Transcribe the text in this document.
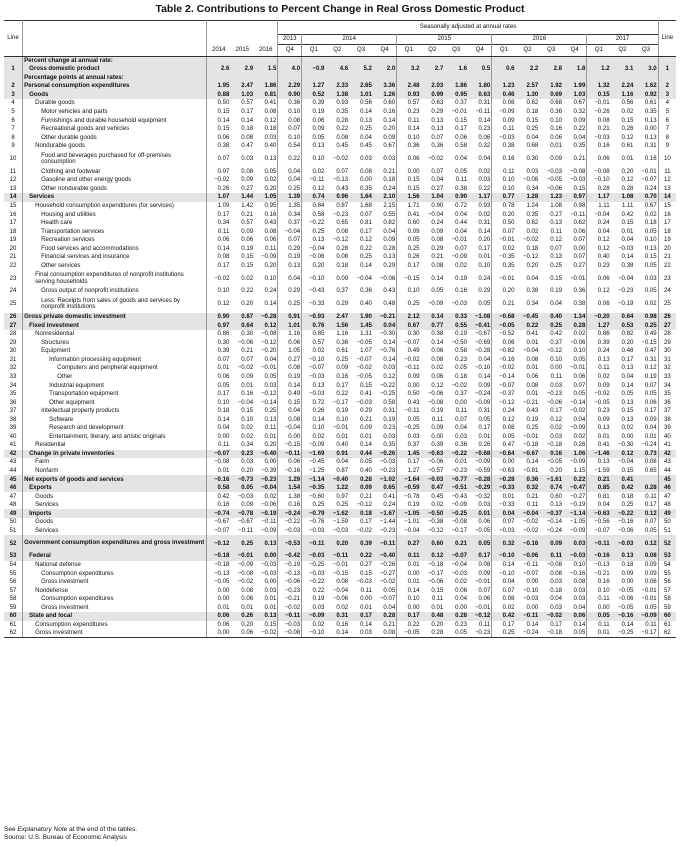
Table 2. Contributions to Percent Change in Real Gross Domestic Product
Line					Seasonally adjusted at annual rates																Line
					2013	2014				2015				2016				2017			
		2014	2015	2016	Q4	Q1	Q2	Q3	Q4	Q1	Q2	Q3	Q4	Q1	Q2	Q3	Q4	Q1	Q2	Q3	
	Percent change at annual rate:																				
1	Gross domestic product	2.6	2.9	1.5	4.0	−0.9	4.6	5.2	2.0	3.2	2.7	1.6	0.5	0.6	2.2	2.8	1.8	1.2	3.1	3.0	1
	Percentage points at annual rates:																				
2	Personal consumption expenditures	1.95	2.47	1.86	2.29	1.27	2.33	2.65	3.36	2.48	2.03	1.86	1.80	1.23	2.57	1.92	1.99	1.32	2.24	1.62	2
3	Goods	0.88	1.03	0.81	0.90	0.52	1.38	1.01	1.26	0.93	0.99	0.95	0.63	0.46	1.30	0.69	1.03	0.15	1.16	0.92	3
4	Durable goods	0.50	0.57	0.41	0.36	0.39	0.93	0.56	0.60	0.57	0.63	0.37	0.31	0.08	0.62	0.68	0.67	−0.01	0.56	0.61	4
5	Motor vehicles and parts	0.15	0.17	0.08	0.10	0.19	0.35	0.14	0.16	0.23	0.29	−0.01	−0.11	−0.09	0.18	0.36	0.32	−0.26	0.02	0.35	5
6	Furnishings and durable household equipment	0.14	0.14	0.12	0.08	0.06	0.28	0.13	0.14	0.11	0.13	0.15	0.14	0.09	0.15	0.10	0.09	0.08	0.15	0.13	6
7	Recreational goods and vehicles	0.15	0.18	0.18	0.07	0.09	0.22	0.25	0.20	0.14	0.13	0.17	0.23	0.11	0.25	0.16	0.22	0.21	0.26	0.00	7
8	Other durable goods	0.06	0.08	0.03	0.10	0.05	0.08	0.04	0.09	0.10	0.07	0.06	0.06	−0.03	0.04	0.06	0.04	−0.03	0.12	0.13	8
9	Nondurable goods	0.38	0.47	0.40	0.54	0.13	0.45	0.45	0.67	0.36	0.36	0.58	0.32	0.38	0.68	0.01	0.35	0.16	0.61	0.31	9
10	Food and beverages purchased for off-premises consumption	0.07	0.03	0.13	0.22	0.10	−0.02	0.03	0.03	0.06	−0.02	0.04	0.04	0.16	0.30	0.09	0.21	0.06	0.01	0.16	10
11	Clothing and footwear	0.07	0.08	0.05	0.04	0.02	0.07	0.08	0.21	0.00	0.07	0.05	0.02	0.11	0.03	−0.03	−0.08	−0.08	0.20	−0.01	11
12	Gasoline and other energy goods	−0.02	0.09	0.02	0.04	−0.11	−0.13	0.00	0.18	0.15	0.04	0.11	0.03	0.10	−0.08	−0.05	−0.03	−0.10	0.12	−0.07	12
13	Other nondurable goods	0.26	0.27	0.20	0.25	0.12	0.43	0.35	0.24	0.15	0.27	0.38	0.22	0.10	0.34	−0.06	0.15	0.28	0.28	0.24	13
14	Services	1.07	1.44	1.05	1.39	0.74	0.96	1.64	2.10	1.56	1.04	0.90	1.17	0.77	1.28	1.23	0.97	1.17	1.08	0.70	14
15	Household consumption expenditures (for services)	1.09	1.42	0.95	1.35	0.84	0.87	1.68	2.15	1.71	0.90	0.72	0.93	0.78	1.24	1.08	0.98	1.11	1.11	0.67	15
16	Housing and utilities	0.17	0.21	0.16	0.34	0.58	−0.23	0.07	0.55	0.41	−0.04	0.04	0.02	0.20	0.35	0.27	−0.11	−0.04	0.42	0.02	16
17	Health care	0.34	0.57	0.43	0.37	−0.22	0.65	0.81	0.82	0.60	0.24	0.44	0.31	0.50	0.62	0.13	0.62	0.24	0.15	0.18	17
18	Transportation services	0.11	0.09	0.08	−0.04	0.25	0.08	0.17	0.04	0.09	0.09	0.04	0.14	0.07	0.02	0.11	0.06	0.04	0.01	0.05	18
19	Recreation services	0.06	0.06	0.06	0.07	0.13	−0.12	0.12	0.09	0.05	0.08	−0.01	0.20	−0.01	−0.02	0.12	0.07	0.12	0.04	0.10	19
20	Food services and accommodations	0.14	0.19	0.11	0.29	−0.04	0.28	0.22	0.28	0.25	0.29	0.07	0.17	0.02	0.18	0.07	0.00	0.12	−0.03	0.13	20
21	Financial services and insurance	0.08	0.15	−0.09	0.19	−0.06	0.08	0.25	0.13	0.26	0.21	−0.09	0.01	−0.35	−0.12	0.13	0.07	0.40	0.14	0.15	21
22	Other services	0.17	0.15	0.20	0.13	0.20	0.18	0.14	0.29	0.17	0.08	0.02	0.10	0.35	0.20	0.25	0.27	0.23	0.38	0.05	22
23	Final consumption expenditures of nonprofit institutions serving households	−0.02	0.02	0.10	0.04	−0.10	0.09	−0.04	−0.06	−0.15	0.14	0.19	0.24	−0.01	0.04	0.15	−0.01	0.06	−0.04	0.03	23
24	Gross output of nonprofit institutions	0.10	0.22	0.24	0.29	−0.43	0.37	0.36	0.43	0.10	0.05	0.16	0.29	0.20	0.38	0.19	0.36	0.12	−0.23	0.05	24
25	Less: Receipts from sales of goods and services by nonprofit institutions	0.12	0.20	0.14	0.25	−0.33	0.29	0.40	0.48	0.25	−0.09	−0.03	0.05	0.21	0.34	0.04	0.38	0.06	−0.19	0.02	25
26	Gross private domestic investment	0.90	0.87	−0.28	0.91	−0.93	2.47	1.90	−0.21	2.12	0.14	0.33	−1.08	−0.68	−0.45	0.40	1.34	−0.20	0.64	0.98	26
27	Fixed investment	0.97	0.64	0.12	1.01	0.76	1.56	1.45	0.04	0.67	0.77	0.55	−0.41	−0.05	0.22	0.25	0.28	1.27	0.53	0.25	27
28	Nonresidential	0.86	0.30	−0.08	1.16	0.85	1.16	1.31	−0.30	0.30	0.38	0.19	−0.67	−0.52	0.41	0.42	0.02	0.86	0.82	0.49	28
29	Structures	0.30	−0.06	−0.12	0.06	0.57	0.36	−0.05	0.14	−0.07	0.14	−0.50	−0.69	0.06	0.01	0.37	−0.06	0.39	0.20	−0.15	29
30	Equipment	0.39	0.21	−0.20	1.05	0.02	0.61	1.07	−0.76	0.49	0.06	0.58	−0.28	−0.82	−0.04	−0.12	0.10	0.24	0.48	0.47	30
31	Information processing equipment	0.07	0.07	0.04	0.27	−0.10	0.25	−0.07	0.14	−0.02	0.08	0.23	0.04	−0.16	0.08	0.10	0.05	0.13	0.17	0.31	31
32	Computers and peripheral equipment	0.01	−0.02	−0.01	0.08	−0.07	0.09	−0.02	0.03	−0.11	0.02	0.05	−0.10	−0.02	0.01	0.00	−0.01	0.11	0.13	0.12	32
33	Other	0.06	0.09	0.05	0.19	−0.03	0.16	−0.05	0.12	0.09	0.06	0.18	0.14	−0.14	0.06	0.11	0.06	0.02	0.04	0.19	33
34	Industrial equipment	0.05	0.01	0.03	0.14	0.13	0.17	0.15	−0.22	0.00	0.12	−0.02	0.09	−0.07	0.08	0.03	0.07	0.09	0.14	0.07	34
35	Transportation equipment	0.17	0.16	−0.12	0.49	−0.03	0.22	0.41	−0.25	0.50	−0.06	0.37	−0.24	−0.37	0.01	−0.23	0.05	−0.02	0.05	0.05	35
36	Other equipment	0.10	−0.04	−0.14	0.15	0.72	−0.17	−0.03	0.58	0.43	−0.08	0.00	−0.09	−0.12	−0.21	−0.06	−0.14	−0.05	0.13	0.06	36
37	Intellectual property products	0.18	0.15	0.25	0.04	0.26	0.19	0.29	0.31	−0.11	0.19	0.11	0.31	0.24	0.43	0.17	−0.02	0.23	0.15	0.17	37
38	Software	0.14	0.10	0.13	0.08	0.14	0.10	0.21	0.19	0.05	0.11	0.07	0.05	0.12	0.19	0.12	0.04	0.09	0.13	0.09	38
39	Research and development	0.04	0.02	0.11	−0.04	0.10	−0.01	0.09	0.23	−0.25	0.09	0.04	0.17	0.08	0.25	0.02	−0.09	0.13	0.02	0.04	39
40	Entertainment, literary, and artistic originals	0.00	0.02	0.01	0.00	0.02	0.01	0.01	0.03	0.03	0.00	0.03	0.01	0.05	−0.01	0.03	0.02	0.01	0.00	0.01	40
41	Residential	0.11	0.34	0.20	−0.15	−0.09	0.40	0.14	0.35	0.37	0.39	0.36	0.26	0.47	−0.18	−0.18	0.26	0.41	−0.30	−0.24	41
42	Change in private inventories	−0.07	0.23	−0.40	−0.11	−1.69	0.91	0.44	−0.26	1.45	−0.63	−0.22	−0.68	−0.64	−0.67	0.16	1.06	−1.46	0.12	0.73	42
43	Farm	−0.08	0.03	0.00	0.06	−0.45	0.04	0.05	−0.03	0.17	−0.06	0.01	−0.09	0.00	0.14	−0.05	−0.09	0.13	−0.04	0.08	43
44	Nonfarm	0.01	0.20	−0.39	−0.16	−1.25	0.87	0.40	−0.23	1.27	−0.57	−0.23	−0.59	−0.63	−0.81	0.20	1.15	−1.59	0.15	0.65	44
45	Net exports of goods and services	−0.16	−0.73	−0.23	1.29	−1.14	−0.40	0.28	−1.02	−1.64	−0.03	−0.77	−0.28	−0.28	0.36	−1.61	0.22	0.21	0.41		45
46	Exports	0.58	0.05	−0.04	1.54	−0.35	1.22	0.09	0.65	−0.59	0.47	−0.51	−0.29	−0.33	0.32	0.74	−0.47	0.85	0.42	0.28	46
47	Goods	0.42	−0.03	0.02	1.38	−0.60	0.97	0.21	0.41	−0.78	0.45	−0.43	−0.32	0.01	0.21	0.60	−0.27	0.81	0.18	0.11	47
48	Services	0.16	0.09	−0.06	0.16	0.25	0.25	−0.12	0.24	0.19	0.02	−0.09	0.03	−0.33	0.11	0.13	−0.19	0.04	0.25	0.17	48
49	Imports	−0.74	−0.78	−0.19	−0.24	−0.79	−1.62	0.18	−1.67	−1.05	−0.50	−0.25	0.01	0.04	−0.04	−0.37	−1.14	−0.63	−0.22	0.12	49
50	Goods	−0.67	−0.67	−0.11	−0.22	−0.76	−1.59	0.17	−1.44	−1.01	−0.38	−0.08	0.06	0.07	−0.02	−0.14	−1.05	−0.56	−0.16	0.07	50
51	Services	−0.07	−0.11	−0.09	−0.03	−0.03	−0.03	−0.02	−0.23	−0.04	−0.12	−0.17	−0.05	−0.03	−0.02	−0.24	−0.09	−0.07	−0.06	0.05	51
52	Government consumption expenditures and gross investment	−0.12	0.25	0.13	−0.53	−0.11	0.20	0.39	−0.11	0.27	0.60	0.21	0.05	0.32	−0.16	0.09	0.03	−0.11	−0.03	0.12	52
53	Federal	−0.18	−0.01	0.00	−0.42	−0.03	−0.11	0.22	−0.40	0.11	0.12	−0.07	0.17	−0.10	−0.06	0.11	−0.03	−0.16	0.13	0.08	53
54	National defense	−0.18	−0.09	−0.03	−0.19	−0.25	−0.01	0.27	−0.26	0.01	−0.18	−0.04	0.08	0.14	−0.11	−0.08	0.10	−0.13	0.18	0.09	54
55	Consumption expenditures	−0.13	−0.08	−0.03	−0.13	−0.03	−0.15	0.15	−0.27	0.00	−0.17	−0.03	0.09	−0.10	−0.07	0.08	−0.16	−0.21	0.09	0.09	55
56	Gross investment	−0.05	−0.02	0.00	−0.06	−0.22	0.08	−0.03	−0.02	0.01	−0.06	0.02	−0.01	0.04	0.00	0.03	0.08	0.16	0.00	0.06	56
57	Nondefense	0.00	0.08	0.03	−0.23	0.22	−0.04	0.11	0.05	0.14	0.15	0.06	0.07	0.07	−0.10	0.18	0.03	0.10	−0.05	−0.01	57
58	Consumption expenditures	0.00	0.06	0.01	−0.21	0.19	−0.06	0.00	−0.07	0.10	0.11	0.04	0.06	0.08	−0.03	0.04	0.03	0.11	−0.06	−0.01	58
59	Gross investment	0.01	0.01	0.01	−0.02	0.03	0.02	0.01	0.04	0.00	0.01	0.00	−0.01	0.02	0.00	0.03	0.04	0.00	−0.05	0.05	59
60	State and local	0.06	0.26	0.13	−0.11	−0.09	0.31	0.17	0.28	0.17	0.48	0.28	−0.12	0.42	−0.11	−0.02	0.06	0.05	−0.16	−0.09	60
61	Consumption expenditures	0.06	0.20	0.15	−0.03	0.02	0.16	0.14	0.21	0.22	0.20	0.23	0.11	0.17	0.14	0.17	0.14	0.11	0.14	0.11	61
62	Gross investment	0.00	0.06	−0.02	−0.08	−0.10	0.14	0.03	0.08	−0.05	0.28	0.05	−0.23	0.25	−0.24	−0.18	0.05	0.01	−0.25	−0.17	62
See Explanatory Note at the end of the tables.
Source: U.S. Bureau of Economic Analysis
